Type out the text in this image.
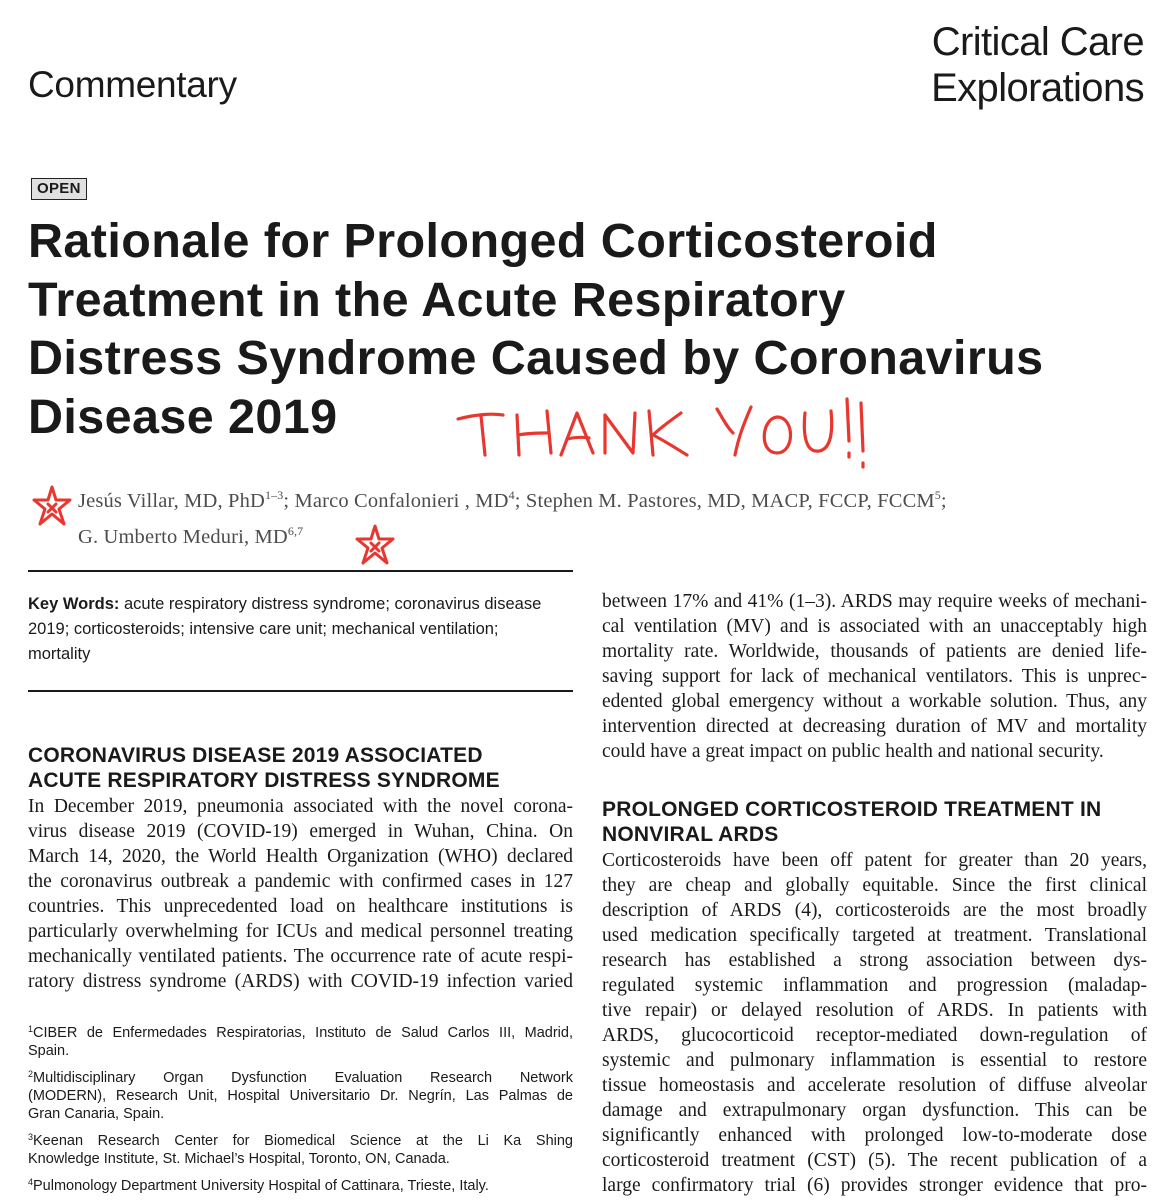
Commentary
Critical Care
Explorations
OPEN
Rationale for Prolonged Corticosteroid
Treatment in the Acute Respiratory
Distress Syndrome Caused by Coronavirus
Disease 2019
Jesús Villar, MD, PhD$^{1-3}$; Marco Confalonieri , $MD^4$; Stephen M. Pastores, MD, MACP, FCCP, FCCM$^5$;
G. Umberto Meduri, MD$^{6,7}$

Key Words: acute respiratory distress syndrome; coronavirus disease
2019; corticosteroids; intensive care unit; mechanical ventilation;
mortality

CORONAVIRUS DISEASE 2019 ASSOCIATED
ACUTE RESPIRATORY DISTRESS SYNDROME

In December 2019, pneumonia associated with the novel corona-
virus disease 2019 (COVID-19) emerged in Wuhan, China. On
March 14, 2020, the World Health Organization (WHO) declared
the coronavirus outbreak a pandemic with confirmed cases in 127
countries. This unprecedented load on healthcare institutions is
particularly overwhelming for ICUs and medical personnel treating
mechanically ventilated patients. The occurrence rate of acute respi-
ratory distress syndrome (ARDS) with COVID-19 infection varied

$^1$CIBER de Enfermedades Respiratorias, Instituto de Salud Carlos III, Madrid,
Spain.

$^2$Multidisciplinary Organ Dysfunction Evaluation Research Network
(MODERN), Research Unit, Hospital Universitario Dr. Negrín, Las Palmas de
Gran Canaria, Spain.

$^3$Keenan Research Center for Biomedical Science at the Li Ka Shing
Knowledge Institute, St. Michael’s Hospital, Toronto, ON, Canada.

$^4$Pulmonology Department University Hospital of Cattinara, Trieste, Italy.

between 17% and 41% (1–3). ARDS may require weeks of mechani-
cal ventilation (MV) and is associated with an unacceptably high
mortality rate. Worldwide, thousands of patients are denied life-
saving support for lack of mechanical ventilators. This is unprec-
edented global emergency without a workable solution. Thus, any
intervention directed at decreasing duration of MV and mortality
could have a great impact on public health and national security.

PROLONGED CORTICOSTEROID TREATMENT IN
NONVIRAL ARDS

Corticosteroids have been off patent for greater than 20 years,
they are cheap and globally equitable. Since the first clinical
description of ARDS (4), corticosteroids are the most broadly
used medication specifically targeted at treatment. Translational
research has established a strong association between dys-
regulated systemic inflammation and progression (maladap-
tive repair) or delayed resolution of ARDS. In patients with
ARDS, glucocorticoid receptor-mediated down-regulation of
systemic and pulmonary inflammation is essential to restore
tissue homeostasis and accelerate resolution of diffuse alveolar
damage and extrapulmonary organ dysfunction. This can be
significantly enhanced with prolonged low-to-moderate dose
corticosteroid treatment (CST) (5). The recent publication of a
large confirmatory trial (6) provides stronger evidence that pro-
